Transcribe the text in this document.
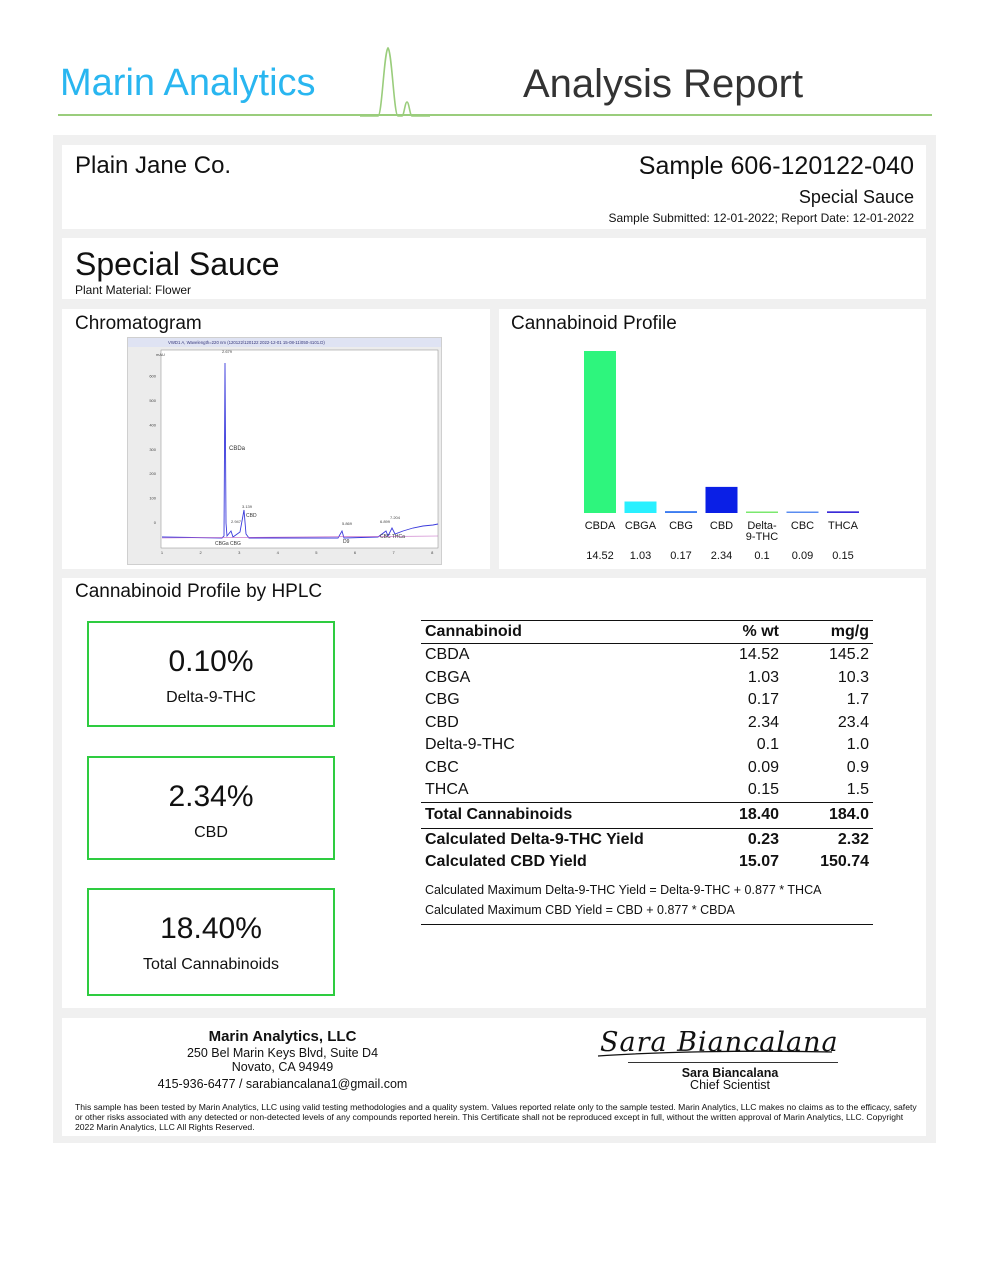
Marin Analytics	Analysis Report
Plain Jane Co.	Sample 606-120122-040
Special Sauce
Sample Submitted: 12-01-2022; Report Date: 12-01-2022
Special Sauce
Plant Material: Flower
Chromatogram
mAU
0
100
200
300
400
500
600
1	2	3	4	5	6	7	8
VWD1 A, Wavelength=220 nm (120122\120122 2022-12-01 15-08-11\050-4101.D)
CBDa
CBD
CBGa CBG	D9
CBC THCa
2.679
2.947
3.139
5.869	6.899
7.204
Cannabinoid Profile
CBDA
14.52
CBGA
1.03
CBG
0.17
CBD
2.34
Delta-
9-THC
0.1
CBC
0.09
THCA
0.15
Cannabinoid Profile by HPLC
0.10%
Delta-9-THC
2.34%
CBD
18.40%
Total Cannabinoids
Cannabinoid	% wt	mg/g
CBDA	14.52	145.2
CBGA	1.03	10.3
CBG	0.17	1.7
CBD	2.34	23.4
Delta-9-THC	0.1	1.0
CBC	0.09	0.9
THCA	0.15	1.5
Total Cannabinoids	18.40	184.0
Calculated Delta-9-THC Yield	0.23	2.32
Calculated CBD Yield	15.07	150.74
Calculated Maximum Delta-9-THC Yield = Delta-9-THC + 0.877 * THCA		
Calculated Maximum CBD Yield = CBD + 0.877 * CBDA		
Marin Analytics, LLC
250 Bel Marin Keys Blvd, Suite D4
Novato, CA 94949
415-936-6477 / sarabiancalana1@gmail.com
Sara Biancalana
Sara Biancalana
Chief Scientist
This sample has been tested by Marin Analytics, LLC using valid testing methodologies and a quality system. Values reported relate only to the sample tested. Marin Analytics, LLC makes no claims as to the efficacy, safety or other risks associated with any detected or non-detected levels of any compounds reported herein. This Certificate shall not be reproduced except in full, without the written approval of Marin Analytics, LLC. Copyright 2022 Marin Analytics, LLC All Rights Reserved.
